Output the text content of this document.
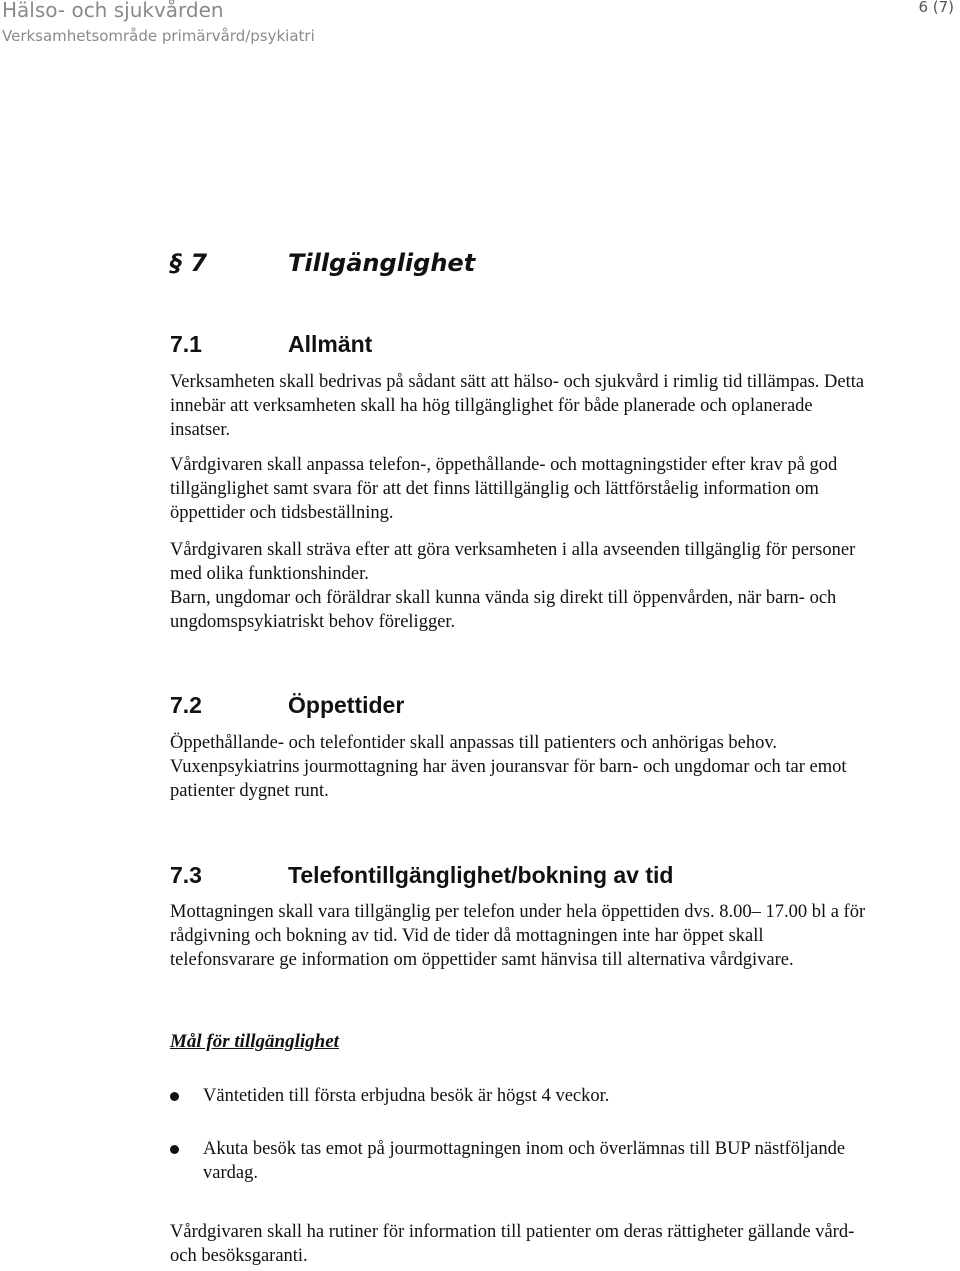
Hälso- och sjukvården
Verksamhetsområde primärvård/psykiatri
6 (7)
§ 7	Tillgänglighet
7.1	Allmänt

Verksamheten skall bedrivas på sådant sätt att hälso- och sjukvård i rimlig tid tillämpas. Detta innebär att verksamheten skall ha hög tillgänglighet för både planerade och oplanerade insatser.

Vårdgivaren skall anpassa telefon-, öppethållande- och mottagningstider efter krav på god tillgänglighet samt svara för att det finns lättillgänglig och lättförståelig information om öppettider och tidsbeställning.

Vårdgivaren skall sträva efter att göra verksamheten i alla avseenden tillgänglig för personer med olika funktionshinder.

Barn, ungdomar och föräldrar skall kunna vända sig direkt till öppenvården, när barn- och ungdomspsykiatriskt behov föreligger.

7.2	Öppettider

Öppethållande- och telefontider skall anpassas till patienters och anhörigas behov. Vuxenpsykiatrins jourmottagning har även jouransvar för barn- och ungdomar och tar emot patienter dygnet runt.

7.3	Telefontillgänglighet/bokning av tid

Mottagningen skall vara tillgänglig per telefon under hela öppettiden dvs. 8.00– 17.00 bl a för rådgivning och bokning av tid. Vid de tider då mottagningen inte har öppet skall telefonsvarare ge information om öppettider samt hänvisa till alternativa vårdgivare.

Mål för tillgänglighet
Väntetiden till första erbjudna besök är högst 4 veckor.
Akuta besök tas emot på jourmottagningen inom och överlämnas till BUP nästföljande vardag.

Vårdgivaren skall ha rutiner för information till patienter om deras rättigheter gällande vård- och besöksgaranti.
